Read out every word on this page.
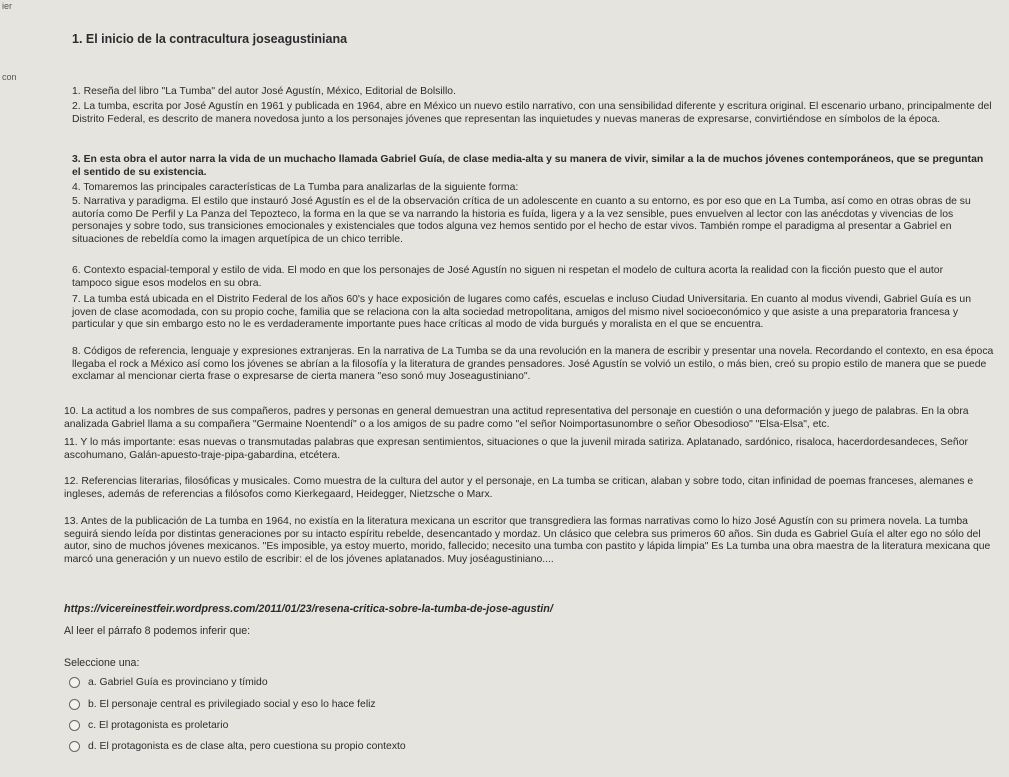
ier
con
1. El inicio de la contracultura joseagustiniana

1. Reseña del libro "La Tumba" del autor José Agustín, México, Editorial de Bolsillo.

2. La tumba, escrita por José Agustín en 1961 y publicada en 1964, abre en México un nuevo estilo narrativo, con una sensibilidad diferente y escritura original. El escenario urbano, principalmente del Distrito Federal, es descrito de manera novedosa junto a los personajes jóvenes que representan las inquietudes y nuevas maneras de expresarse, convirtiéndose en símbolos de la época.

3. En esta obra el autor narra la vida de un muchacho llamada Gabriel Guía, de clase media-alta y su manera de vivir, similar a la de muchos jóvenes contemporáneos, que se preguntan el sentido de su existencia.

4. Tomaremos las principales características de La Tumba para analizarlas de la siguiente forma:

5. Narrativa y paradigma. El estilo que instauró José Agustín es el de la observación crítica de un adolescente en cuanto a su entorno, es por eso que en La Tumba, así como en otras obras de su autoría como De Perfil y La Panza del Tepozteco, la forma en la que se va narrando la historia es fuída, ligera y a la vez sensible, pues envuelven al lector con las anécdotas y vivencias de los personajes y sobre todo, sus transiciones emocionales y existenciales que todos alguna vez hemos sentido por el hecho de estar vivos. También rompe el paradigma al presentar a Gabriel en situaciones de rebeldía como la imagen arquetípica de un chico terrible.

6. Contexto espacial-temporal y estilo de vida. El modo en que los personajes de José Agustín no siguen ni respetan el modelo de cultura acorta la realidad con la ficción puesto que el autor tampoco sigue esos modelos en su obra.

7. La tumba está ubicada en el Distrito Federal de los años 60's y hace exposición de lugares como cafés, escuelas e incluso Ciudad Universitaria. En cuanto al modus vivendi, Gabriel Guía es un joven de clase acomodada, con su propio coche, familia que se relaciona con la alta sociedad metropolitana, amigos del mismo nivel socioeconómico y que asiste a una preparatoria francesa y particular y que sin embargo esto no le es verdaderamente importante pues hace críticas al modo de vida burgués y moralista en el que se encuentra.

8. Códigos de referencia, lenguaje y expresiones extranjeras. En la narrativa de La Tumba se da una revolución en la manera de escribir y presentar una novela. Recordando el contexto, en esa época llegaba el rock a México así como los jóvenes se abrían a la filosofía y la literatura de grandes pensadores. José Agustín se volvió un estilo, o más bien, creó su propio estilo de manera que se puede exclamar al mencionar cierta frase o expresarse de cierta manera "eso sonó muy Joseagustiniano".

10. La actitud a los nombres de sus compañeros, padres y personas en general demuestran una actitud representativa del personaje en cuestión o una deformación y juego de palabras. En la obra analizada Gabriel llama a su compañera "Germaine Noentendí" o a los amigos de su padre como "el señor Noimportasunombre o señor Obesodioso" "Elsa-Elsa", etc.

11. Y lo más importante: esas nuevas o transmutadas palabras que expresan sentimientos, situaciones o que la juvenil mirada satiriza. Aplatanado, sardónico, risaloca, hacerdordesandeces, Señor ascohumano, Galán-apuesto-traje-pipa-gabardina, etcétera.

12. Referencias literarias, filosóficas y musicales. Como muestra de la cultura del autor y el personaje, en La tumba se critican, alaban y sobre todo, citan infinidad de poemas franceses, alemanes e ingleses, además de referencias a filósofos como Kierkegaard, Heidegger, Nietzsche o Marx.

13. Antes de la publicación de La tumba en 1964, no existía en la literatura mexicana un escritor que transgrediera las formas narrativas como lo hizo José Agustín con su primera novela. La tumba seguirá siendo leída por distintas generaciones por su intacto espíritu rebelde, desencantado y mordaz. Un clásico que celebra sus primeros 60 años. Sin duda es Gabriel Guía el alter ego no sólo del autor, sino de muchos jóvenes mexicanos. "Es imposible, ya estoy muerto, morido, fallecido; necesito una tumba con pastito y lápida limpia" Es La tumba una obra maestra de la literatura mexicana que marcó una generación y un nuevo estilo de escribir: el de los jóvenes aplatanados. Muy joséagustiniano....

https://vicereinestfeir.wordpress.com/2011/01/23/resena-critica-sobre-la-tumba-de-jose-agustin/
Al leer el párrafo 8 podemos inferir que:
Seleccione una:
a. Gabriel Guía es provinciano y tímido
b. El personaje central es privilegiado social y eso lo hace feliz
c. El protagonista es proletario
d. El protagonista es de clase alta, pero cuestiona su propio contexto
